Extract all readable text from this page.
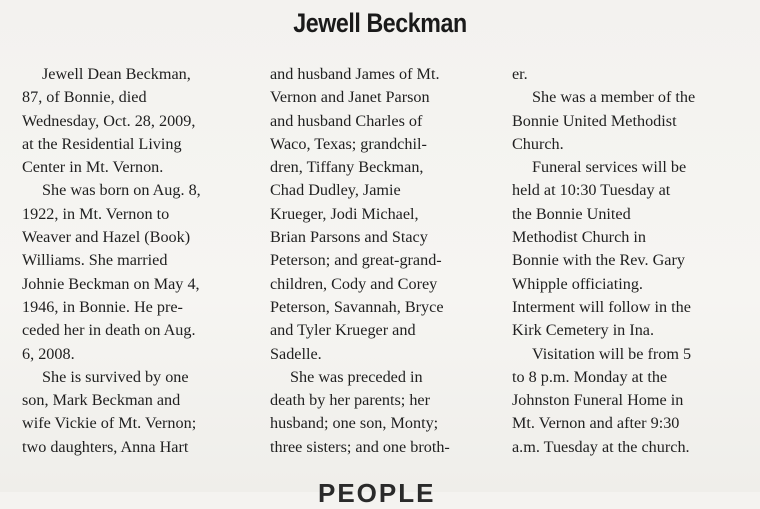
Jewell Beckman
Jewell Dean Beckman,
87, of Bonnie, died
Wednesday, Oct. 28, 2009,
at the Residential Living
Center in Mt. Vernon.
She was born on Aug. 8,
1922, in Mt. Vernon to
Weaver and Hazel (Book)
Williams. She married
Johnie Beckman on May 4,
1946, in Bonnie. He pre-
ceded her in death on Aug.
6, 2008.
She is survived by one
son, Mark Beckman and
wife Vickie of Mt. Vernon;
two daughters, Anna Hart
and husband James of Mt.
Vernon and Janet Parson
and husband Charles of
Waco, Texas; grandchil-
dren, Tiffany Beckman,
Chad Dudley, Jamie
Krueger, Jodi Michael,
Brian Parsons and Stacy
Peterson; and great-grand-
children, Cody and Corey
Peterson, Savannah, Bryce
and Tyler Krueger and
Sadelle.
She was preceded in
death by her parents; her
husband; one son, Monty;
three sisters; and one broth-
er.
She was a member of the
Bonnie United Methodist
Church.
Funeral services will be
held at 10:30 Tuesday at
the Bonnie United
Methodist Church in
Bonnie with the Rev. Gary
Whipple officiating.
Interment will follow in the
Kirk Cemetery in Ina.
Visitation will be from 5
to 8 p.m. Monday at the
Johnston Funeral Home in
Mt. Vernon and after 9:30
a.m. Tuesday at the church.
PEOPLE
